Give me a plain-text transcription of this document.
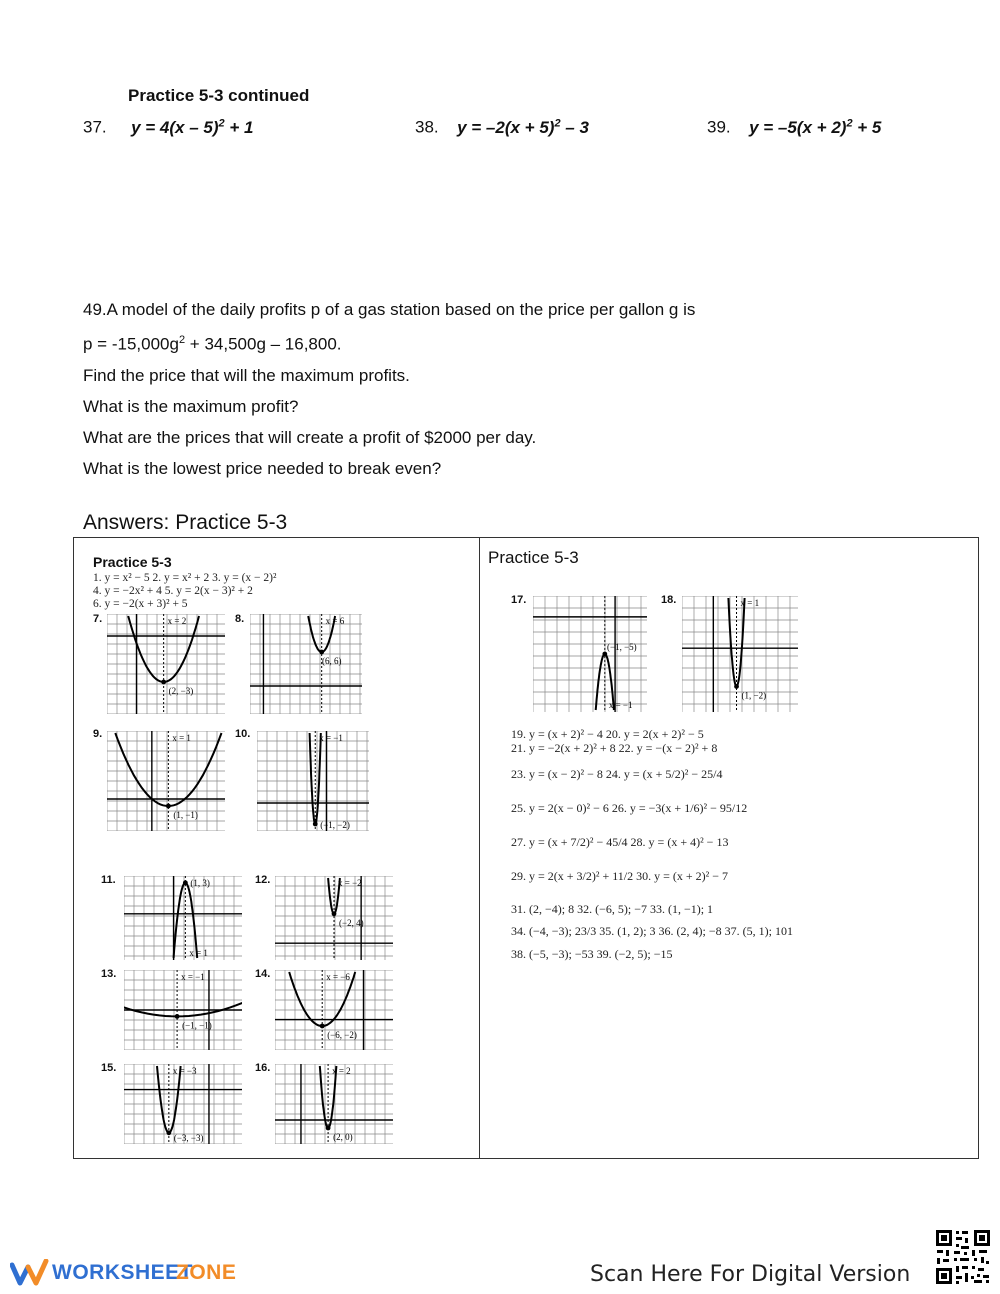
Practice 5-3 continued
37. y = 4(x – 5)$^2$ + 1	38. $y = -2(x + 5)^2 - 3$	39. $y = -5(x + 2)^2 + 5$
49.A model of the daily profits p of a gas station based on the price per gallon g is
$p = -15,000g^2 + 34,500g - 16,800$.
Find the price that will the maximum profits.
What is the maximum profit?
What are the prices that will create a profit of $2000 per day.
What is the lowest price needed to break even?
Answers: Practice 5-3
Practice 5-3
1. y = x² − 5 2. y = x² + 2 3. y = (x − 2)²
4. y = −2x² + 4 5. y = 2(x − 3)² + 2
6. y = −2(x + 3)² + 5
7.	8.
9.	10.
11.	12.
13.	14.
15.	16.
(2, −3)
x = 2
(6, 6)
x = 6
(1, −1)
x = 1
(−1, −2)
x = −1
(1, 3)
x = 1
(−2, 4)
x = −2
(−1, −1)
x = −1
(−6, −2)
x = −6
(−3, −3)
x = −3
(2, 0)
x = 2
Practice 5-3
17.	18.
(−1, −5)
x = −1
(1, −2)
x = 1
19. y = (x + 2)² − 4 20. y = 2(x + 2)² − 5
21. y = −2(x + 2)² + 8 22. y = −(x − 2)² + 8
23. y = (x − 2)² − 8 24. y = (x + 5/2)² − 25/4
25. y = 2(x − 0)² − 6 26. y = −3(x + 1/6)² − 95/12
27. y = (x + 7/2)² − 45/4 28. y = (x + 4)² − 13
29. y = 2(x + 3/2)² + 11/2 30. y = (x + 2)² − 7
31. (2, −4); 8 32. (−6, 5); −7 33. (1, −1); 1
34. (−4, −3); 23/3 35. (1, 2); 3 36. (2, 4); −8 37. (5, 1); 101
38. (−5, −3); −53 39. (−2, 5); −15
WORKSHEET
ZONE	Scan Here For Digital Version
